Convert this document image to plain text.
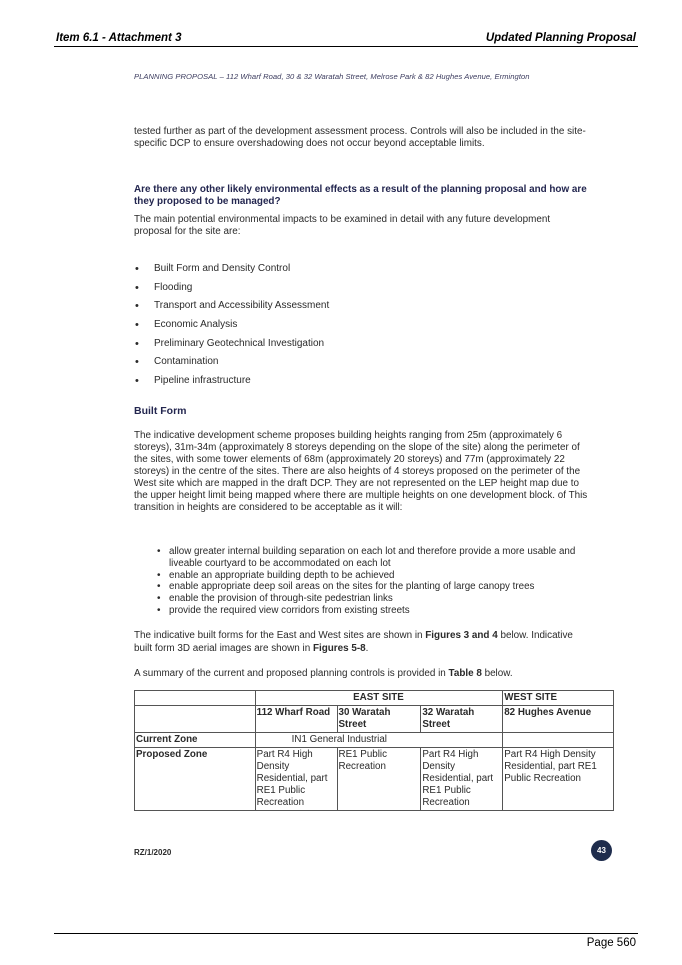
Item 6.1 - Attachment 3	Updated Planning Proposal
PLANNING PROPOSAL – 112 Wharf Road, 30 & 32 Waratah Street, Melrose Park & 82 Hughes Avenue, Ermington
tested further as part of the development assessment process. Controls will also be included in the site-specific DCP to ensure overshadowing does not occur beyond acceptable limits.
Are there any other likely environmental effects as a result of the planning proposal and how are they proposed to be managed?
The main potential environmental impacts to be examined in detail with any future development proposal for the site are:
• Built Form and Density Control
• Flooding
• Transport and Accessibility Assessment
• Economic Analysis
• Preliminary Geotechnical Investigation
• Contamination
• Pipeline infrastructure
Built Form
The indicative development scheme proposes building heights ranging from 25m (approximately 6 storeys), 31m-34m (approximately 8 storeys depending on the slope of the site) along the perimeter of the sites, with some tower elements of 68m (approximately 20 storeys) and 77m (approximately 22 storeys) in the centre of the sites. There are also heights of 4 storeys proposed on the perimeter of the West site which are mapped in the draft DCP. They are not represented on the LEP height map due to the upper height limit being mapped where there are multiple heights on one development block. of This transition in heights are considered to be acceptable as it will:
• allow greater internal building separation on each lot and therefore provide a more usable and liveable courtyard to be accommodated on each lot
• enable an appropriate building depth to be achieved
• enable appropriate deep soil areas on the sites for the planting of large canopy trees
• enable the provision of through-site pedestrian links
• provide the required view corridors from existing streets
The indicative built forms for the East and West sites are shown in Figures 3 and 4 below. Indicative built form 3D aerial images are shown in Figures 5-8.
A summary of the current and proposed planning controls is provided in Table 8 below.
	EAST SITE			WEST SITE
	112 Wharf Road	30 Waratah Street	32 Waratah Street	82 Hughes Avenue
Current Zone	IN1 General Industrial			
Proposed Zone	Part R4 High Density Residential, part RE1 Public Recreation	RE1 Public Recreation	Part R4 High Density Residential, part RE1 Public Recreation	Part R4 High Density Residential, part RE1 Public Recreation
RZ/1/2020	43
Page 560
